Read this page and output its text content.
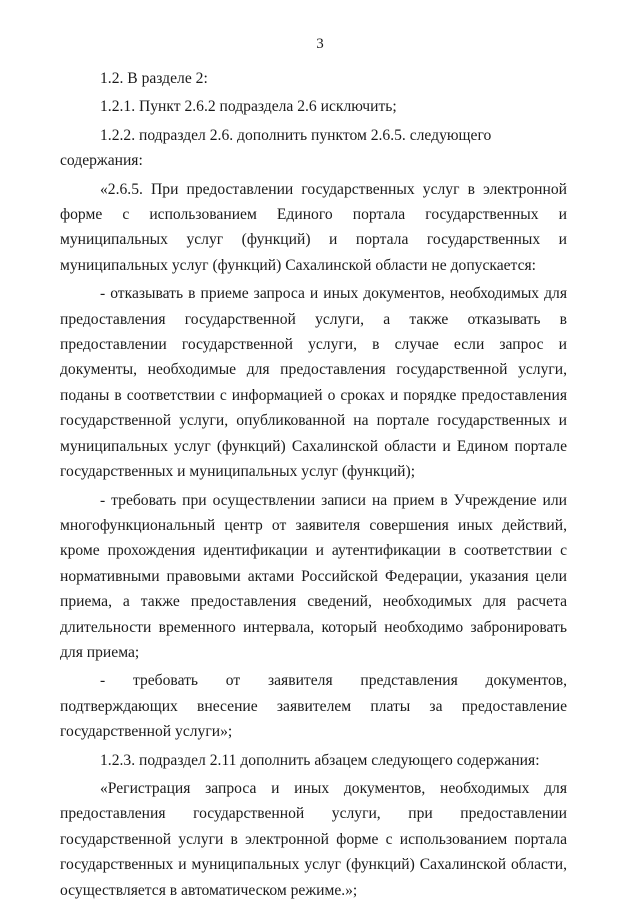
3

1.2. В разделе 2:

1.2.1. Пункт 2.6.2 подраздела 2.6 исключить;

1.2.2. подраздел 2.6. дополнить пунктом 2.6.5. следующего содержания:

«2.6.5. При предоставлении государственных услуг в электронной форме с использованием Единого портала государственных и муниципальных услуг (функций) и портала государственных и муниципальных услуг (функций) Сахалинской области не допускается:

- отказывать в приеме запроса и иных документов, необходимых для предоставления государственной услуги, а также отказывать в предоставлении государственной услуги, в случае если запрос и документы, необходимые для предоставления государственной услуги, поданы в соответствии с информацией о сроках и порядке предоставления государственной услуги, опубликованной на портале государственных и муниципальных услуг (функций) Сахалинской области и Едином портале государственных и муниципальных услуг (функций);

- требовать при осуществлении записи на прием в Учреждение или многофункциональный центр от заявителя совершения иных действий, кроме прохождения идентификации и аутентификации в соответствии с нормативными правовыми актами Российской Федерации, указания цели приема, а также предоставления сведений, необходимых для расчета длительности временного интервала, который необходимо забронировать для приема;

- требовать от заявителя представления документов, подтверждающих внесение заявителем платы за предоставление государственной услуги»;

1.2.3. подраздел 2.11 дополнить абзацем следующего содержания:

«Регистрация запроса и иных документов, необходимых для предоставления государственной услуги, при предоставлении государственной услуги в электронной форме с использованием портала государственных и муниципальных услуг (функций) Сахалинской области, осуществляется в автоматическом режиме.»;
